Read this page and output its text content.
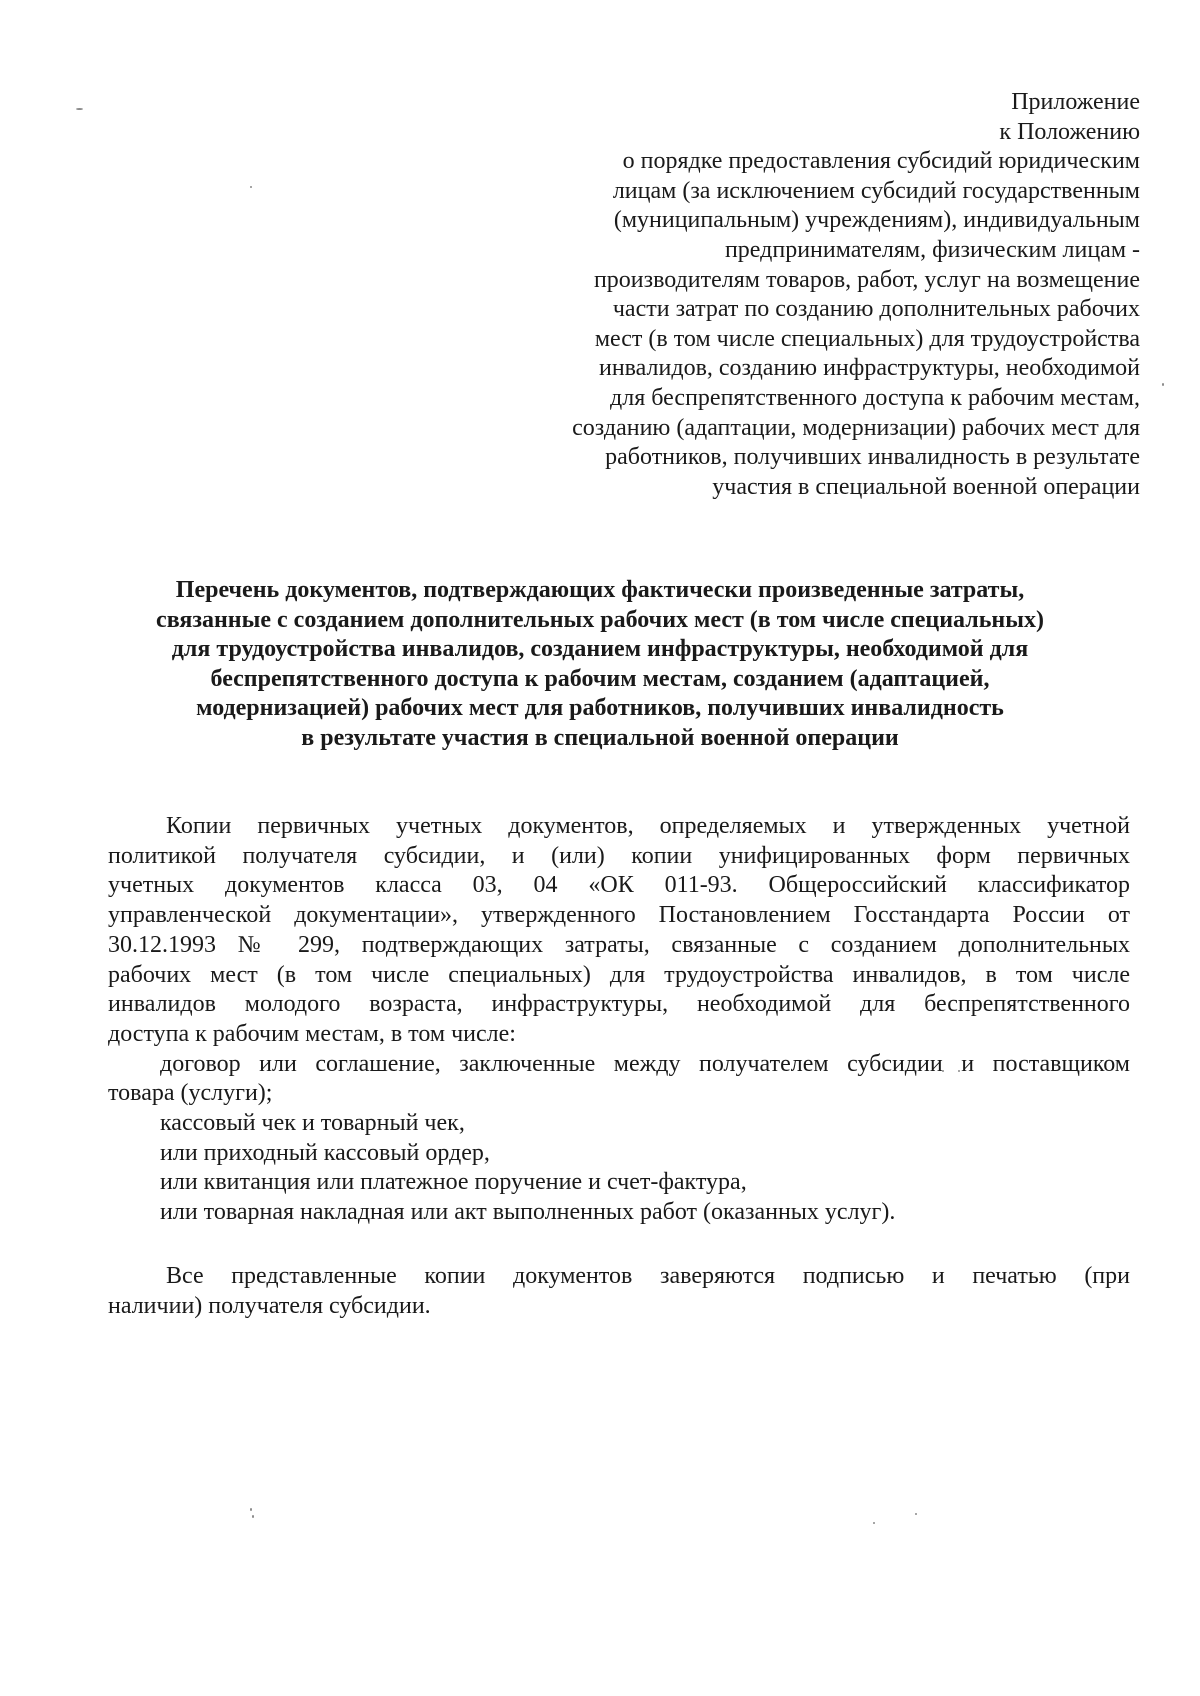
Приложение
к Положению
о порядке предоставления субсидий юридическим
лицам (за исключением субсидий государственным
(муниципальным) учреждениям), индивидуальным
предпринимателям, физическим лицам -
производителям товаров, работ, услуг на возмещение
части затрат по созданию дополнительных рабочих
мест (в том числе специальных) для трудоустройства
инвалидов, созданию инфраструктуры, необходимой
для беспрепятственного доступа к рабочим местам,
созданию (адаптации, модернизации) рабочих мест для
работников, получивших инвалидность в результате
участия в специальной военной операции
Перечень документов, подтверждающих фактически произведенные затраты,
связанные с созданием дополнительных рабочих мест (в том числе специальных)
для трудоустройства инвалидов, созданием инфраструктуры, необходимой для
беспрепятственного доступа к рабочим местам, созданием (адаптацией,
модернизацией) рабочих мест для работников, получивших инвалидность
в результате участия в специальной военной операции
Копии первичных учетных документов, определяемых и утвержденных учетной
политикой получателя субсидии, и (или) копии унифицированных форм первичных
учетных документов класса 03, 04 «ОК 011-93. Общероссийский классификатор
управленческой документации», утвержденного Постановлением Госстандарта России от
30.12.1993 № 299, подтверждающих затраты, связанные с созданием дополнительных
рабочих мест (в том числе специальных) для трудоустройства инвалидов, в том числе
инвалидов молодого возраста, инфраструктуры, необходимой для беспрепятственного
доступа к рабочим местам, в том числе:
договор или соглашение, заключенные между получателем субсидии и поставщиком
товара (услуги);
кассовый чек и товарный чек,
или приходный кассовый ордер,
или квитанция или платежное поручение и счет-фактура,
или товарная накладная или акт выполненных работ (оказанных услуг).
Все представленные копии документов заверяются подписью и печатью (при
наличии) получателя субсидии.
